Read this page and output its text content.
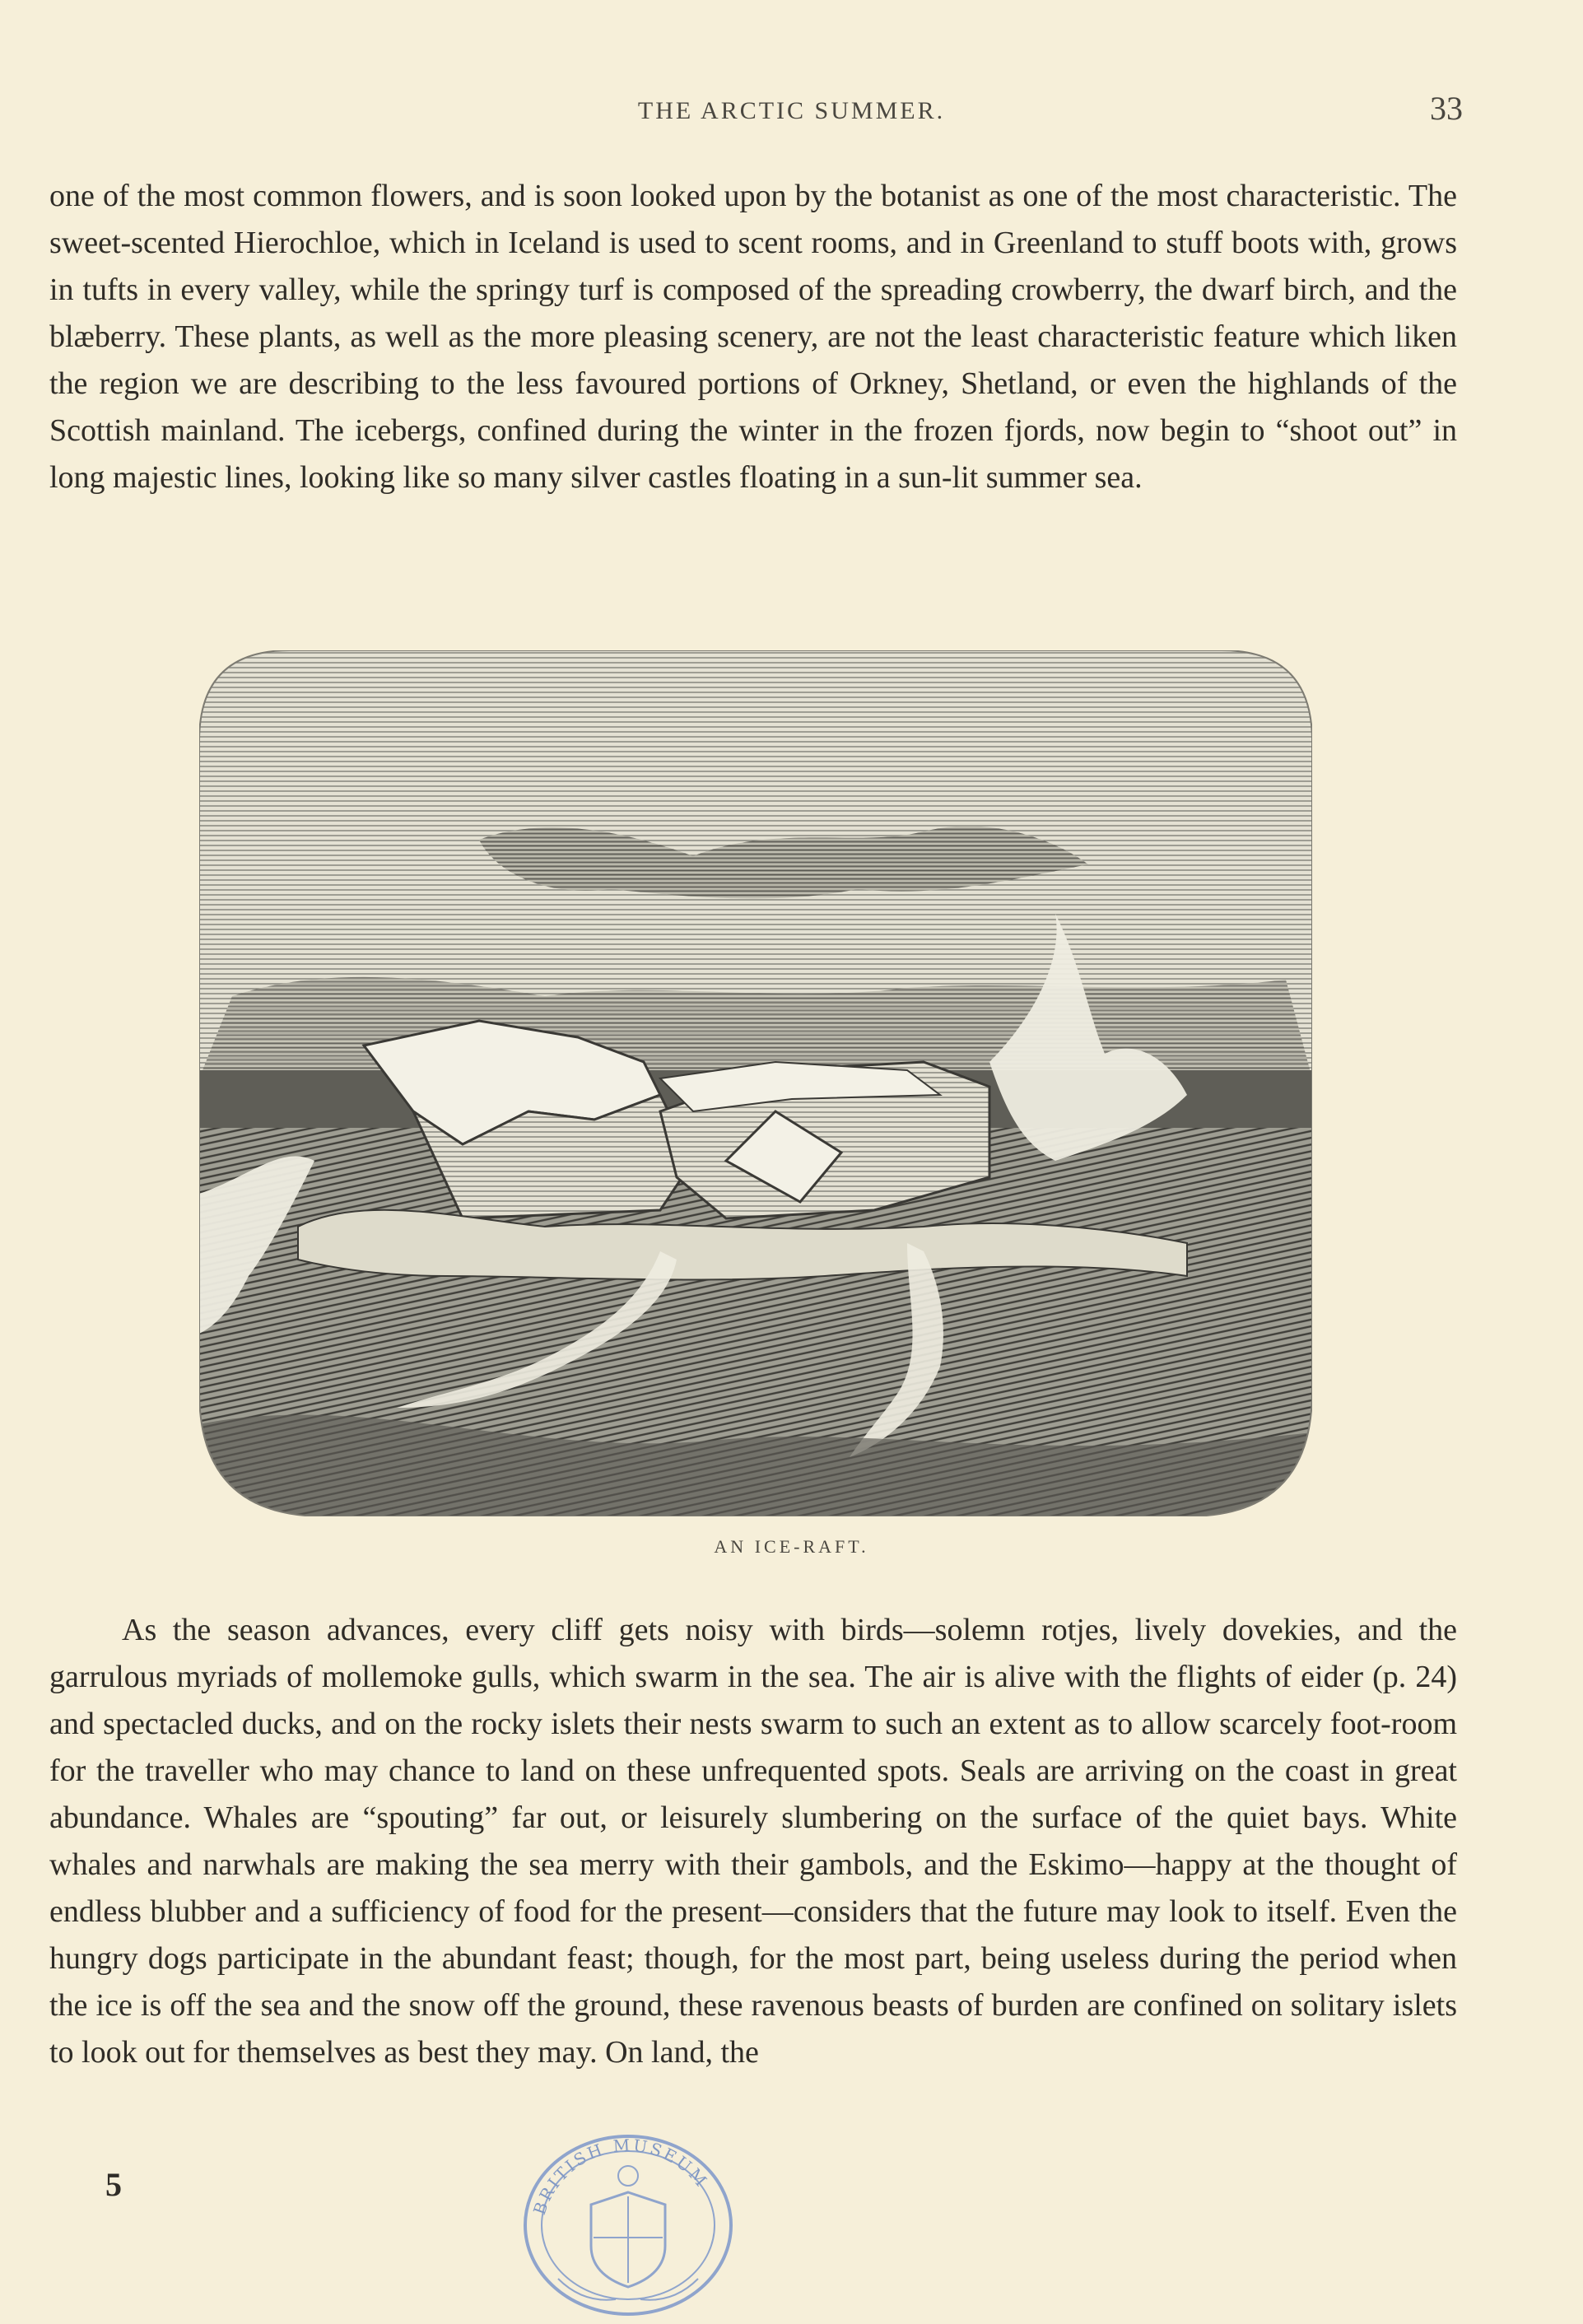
THE ARCTIC SUMMER.	33

one of the most common flowers, and is soon looked upon by the botanist as one of the most characteristic. The sweet-scented Hierochloe, which in Iceland is used to scent rooms, and in Greenland to stuff boots with, grows in tufts in every valley, while the springy turf is composed of the spreading crowberry, the dwarf birch, and the blæberry. These plants, as well as the more pleasing scenery, are not the least characteristic feature which liken the region we are describing to the less favoured portions of Orkney, Shetland, or even the highlands of the Scottish mainland. The icebergs, confined during the winter in the frozen fjords, now begin to “shoot out” in long majestic lines, looking like so many silver castles floating in a sun-lit summer sea.

AN ICE-RAFT.

As the season advances, every cliff gets noisy with birds—solemn rotjes, lively dovekies, and the garrulous myriads of mollemoke gulls, which swarm in the sea. The air is alive with the flights of eider (p. 24) and spectacled ducks, and on the rocky islets their nests swarm to such an extent as to allow scarcely foot-room for the traveller who may chance to land on these unfrequented spots. Seals are arriving on the coast in great abundance. Whales are “spouting” far out, or leisurely slumbering on the surface of the quiet bays. White whales and narwhals are making the sea merry with their gambols, and the Eskimo—happy at the thought of endless blubber and a sufficiency of food for the present—considers that the future may look to itself. Even the hungry dogs participate in the abundant feast; though, for the most part, being useless during the period when the ice is off the sea and the snow off the ground, these ravenous beasts of burden are confined on solitary islets to look out for themselves as best they may. On land, the

5
BRITISH MUSEUM
